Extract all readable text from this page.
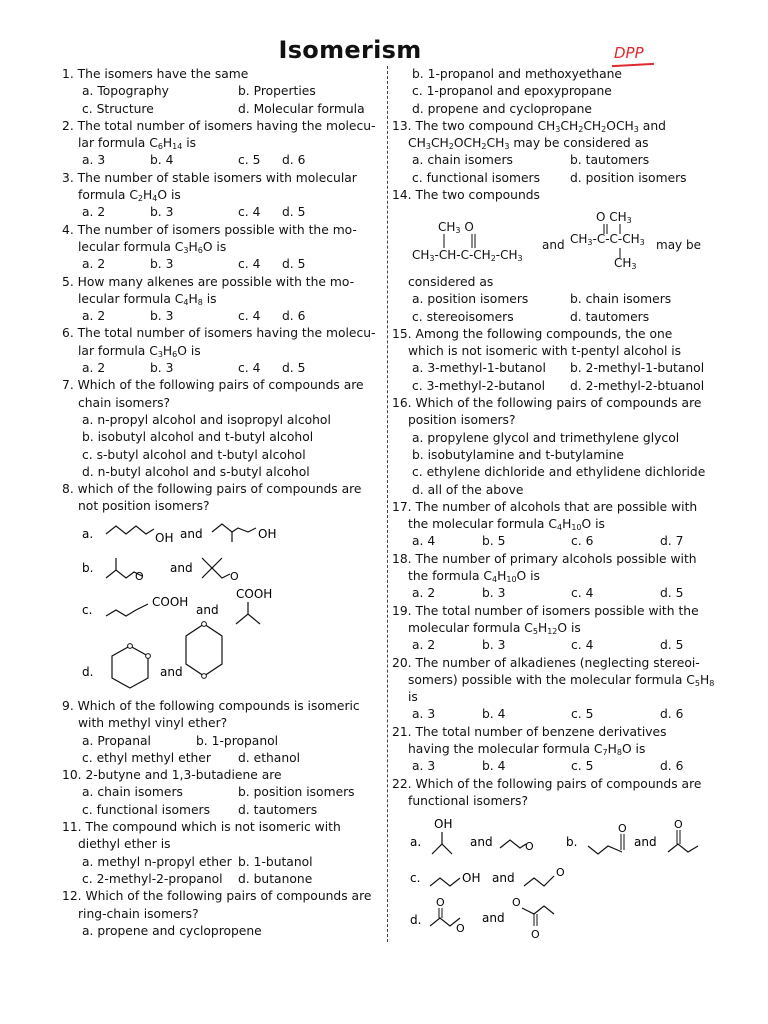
Isomerism	DPP
1. The isomers have the same
a. Topography	b. Properties
c. Structure	d. Molecular formula
2. The total number of isomers having the molecu-
lar formula $C_6H_{14}$ is
a. 3	b. 4	c. 5	d. 6
3. The number of stable isomers with molecular
formula $C_2H_4O$ is
a. 2	b. 3	c. 4	d. 5
4. The number of isomers possible with the mo-
lecular formula $C_3H_6O$ is
a. 2	b. 3	c. 4	d. 5
5. How many alkenes are possible with the mo-
lecular formula $C_4H_8$ is
a. 2	b. 3	c. 4	d. 6
6. The total number of isomers having the molecu-
lar formula $C_3H_6O$ is
a. 2	b. 3	c. 4	d. 5
7. Which of the following pairs of compounds are
chain isomers?
a. n-propyl alcohol and isopropyl alcohol
b. isobutyl alcohol and t-butyl alcohol
c. s-butyl alcohol and t-butyl alcohol
d. n-butyl alcohol and s-butyl alcohol
8. which of the following pairs of compounds are
not position isomers?
a.	OH and	OH
b.
O
and
O
c.
COOH
and
COOH
d.	and
9. Which of the following compounds is isomeric
with methyl vinyl ether?
a. Propanal	b. 1-propanol
c. ethyl methyl ether	d. ethanol
10. 2-butyne and 1,3-butadiene are
a. chain isomers	b. position isomers
c. functional isomers	d. tautomers
11. The compound which is not isomeric with
diethyl ether is
a. methyl n-propyl ether b. 1-butanol
c. 2-methyl-2-propanol	d. butanone
12. Which of the following pairs of compounds are
ring-chain isomers?
a. propene and cyclopropene
b. 1-propanol and methoxyethane
c. 1-propanol and epoxypropane
d. propene and cyclopropane
13. The two compound $CH_3CH_2CH_2OCH_3$ and
$CH_3CH_2OCH_2CH_3$ may be considered as
a. chain isomers	b. tautomers
c. functional isomers	d. position isomers
14. The two compounds
$CH_3$ O
$CH_3-CH-C-CH_2-CH_3$
and
O $CH_3$
$CH_3-C-C-CH_3$
$CH_3$
may be
considered as
a. position isomers	b. chain isomers
c. stereoisomers	d. tautomers
15. Among the following compounds, the one
which is not isomeric with t-pentyl alcohol is
a. 3-methyl-1-butanol	b. 2-methyl-1-butanol
c. 3-methyl-2-butanol	d. 2-methyl-2-btuanol
16. Which of the following pairs of compounds are
position isomers?
a. propylene glycol and trimethylene glycol
b. isobutylamine and t-butylamine
c. ethylene dichloride and ethylidene dichloride
d. all of the above
17. The number of alcohols that are possible with
the molecular formula $C_4H_{10}O$ is
a. 4	b. 5	c. 6	d. 7
18. The number of primary alcohols possible with
the formula $C_4H_{10}O$ is
a. 2	b. 3	c. 4	d. 5
19. The total number of isomers possible with the
molecular formula $C_5H_{12}O$ is
a. 2	b. 3	c. 4	d. 5
20. The number of alkadienes (neglecting stereoi-
somers) possible with the molecular formula $C_5H_8$
is
a. 3	b. 4	c. 5	d. 6
21. The total number of benzene derivatives
having the molecular formula $C_7H_8O$ is
a. 3	b. 4	c. 5	d. 6
22. Which of the following pairs of compounds are
functional isomers?
a.
OH
and	O	b.
O
and
O
c.	OH and	O
d.
O
O
and
O
O
